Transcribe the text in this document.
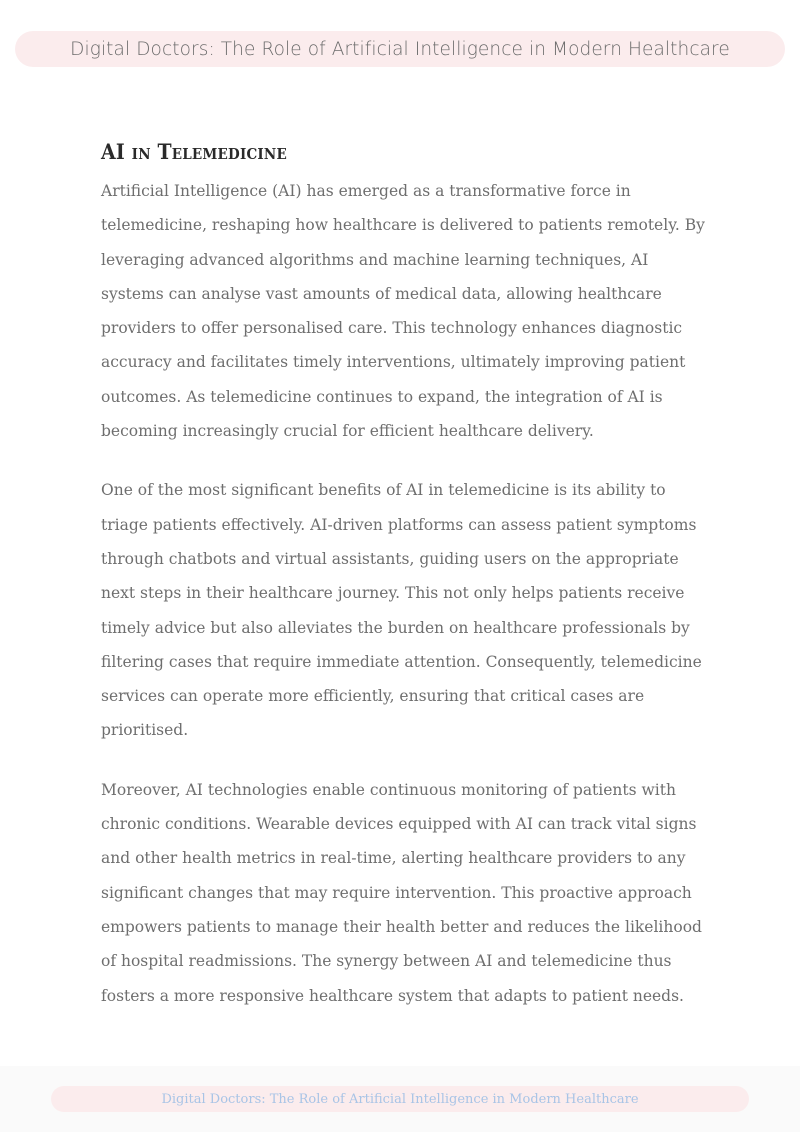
Digital Doctors: The Role of Artificial Intelligence in Modern Healthcare
AI in Telemedicine

Artificial Intelligence (AI) has emerged as a transformative force in telemedicine, reshaping how healthcare is delivered to patients remotely. By leveraging advanced algorithms and machine learning techniques, AI systems can analyse vast amounts of medical data, allowing healthcare providers to offer personalised care. This technology enhances diagnostic accuracy and facilitates timely interventions, ultimately improving patient outcomes. As telemedicine continues to expand, the integration of AI is becoming increasingly crucial for efficient healthcare delivery.

One of the most significant benefits of AI in telemedicine is its ability to triage patients effectively. AI-driven platforms can assess patient symptoms through chatbots and virtual assistants, guiding users on the appropriate next steps in their healthcare journey. This not only helps patients receive timely advice but also alleviates the burden on healthcare professionals by filtering cases that require immediate attention. Consequently, telemedicine services can operate more efficiently, ensuring that critical cases are prioritised.

Moreover, AI technologies enable continuous monitoring of patients with chronic conditions. Wearable devices equipped with AI can track vital signs and other health metrics in real-time, alerting healthcare providers to any significant changes that may require intervention. This proactive approach empowers patients to manage their health better and reduces the likelihood of hospital readmissions. The synergy between AI and telemedicine thus fosters a more responsive healthcare system that adapts to patient needs.

Digital Doctors: The Role of Artificial Intelligence in Modern Healthcare
